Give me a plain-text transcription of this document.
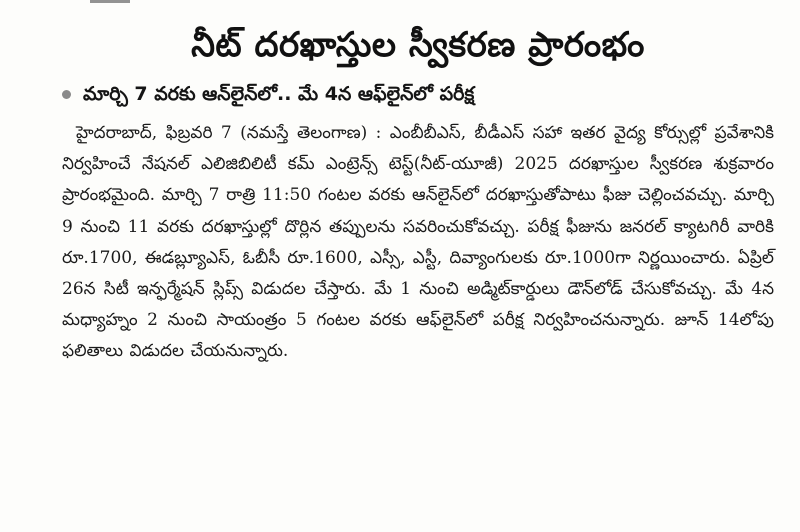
నీట్ దరఖాస్తుల స్వీకరణ ప్రారంభం
మార్చి 7 వరకు ఆన్‌లైన్‌లో.. మే 4న ఆఫ్‌లైన్‌లో పరీక్ష

హైదరాబాద్, ఫిబ్రవరి 7 (నమస్తే తెలంగాణ) : ఎంబీబీఎస్, బీడీఎస్ సహా ఇతర వైద్య కోర్సుల్లో ప్రవేశానికి నిర్వహించే నేషనల్ ఎలిజిబిలిటీ కమ్ ఎంట్రెన్స్ టెస్ట్(నీట్-యూజీ) 2025 దరఖాస్తుల స్వీకరణ శుక్రవారం ప్రారంభమైంది. మార్చి 7 రాత్రి 11:50 గంటల వరకు ఆన్‌లైన్‌లో దరఖాస్తుతోపాటు ఫీజు చెల్లించవచ్చు. మార్చి 9 నుంచి 11 వరకు దరఖాస్తుల్లో దొర్లిన తప్పులను సవరించుకోవచ్చు. పరీక్ష ఫీజును జనరల్ క్యాటగిరీ వారికి రూ.1700, ఈడబ్ల్యూఎస్, ఓబీసీ రూ.1600, ఎస్సీ, ఎస్టీ, దివ్యాంగులకు రూ.1000గా నిర్ణయించారు. ఏప్రిల్ 26న సిటీ ఇన్ఫర్మేషన్ స్లిప్స్ విడుదల చేస్తారు. మే 1 నుంచి అడ్మిట్‌కార్డులు డౌన్‌లోడ్ చేసుకోవచ్చు. మే 4న మధ్యాహ్నం 2 నుంచి సాయంత్రం 5 గంటల వరకు ఆఫ్‌లైన్‌లో పరీక్ష నిర్వహించనున్నారు. జూన్ 14లోపు ఫలితాలు విడుదల చేయనున్నారు.
